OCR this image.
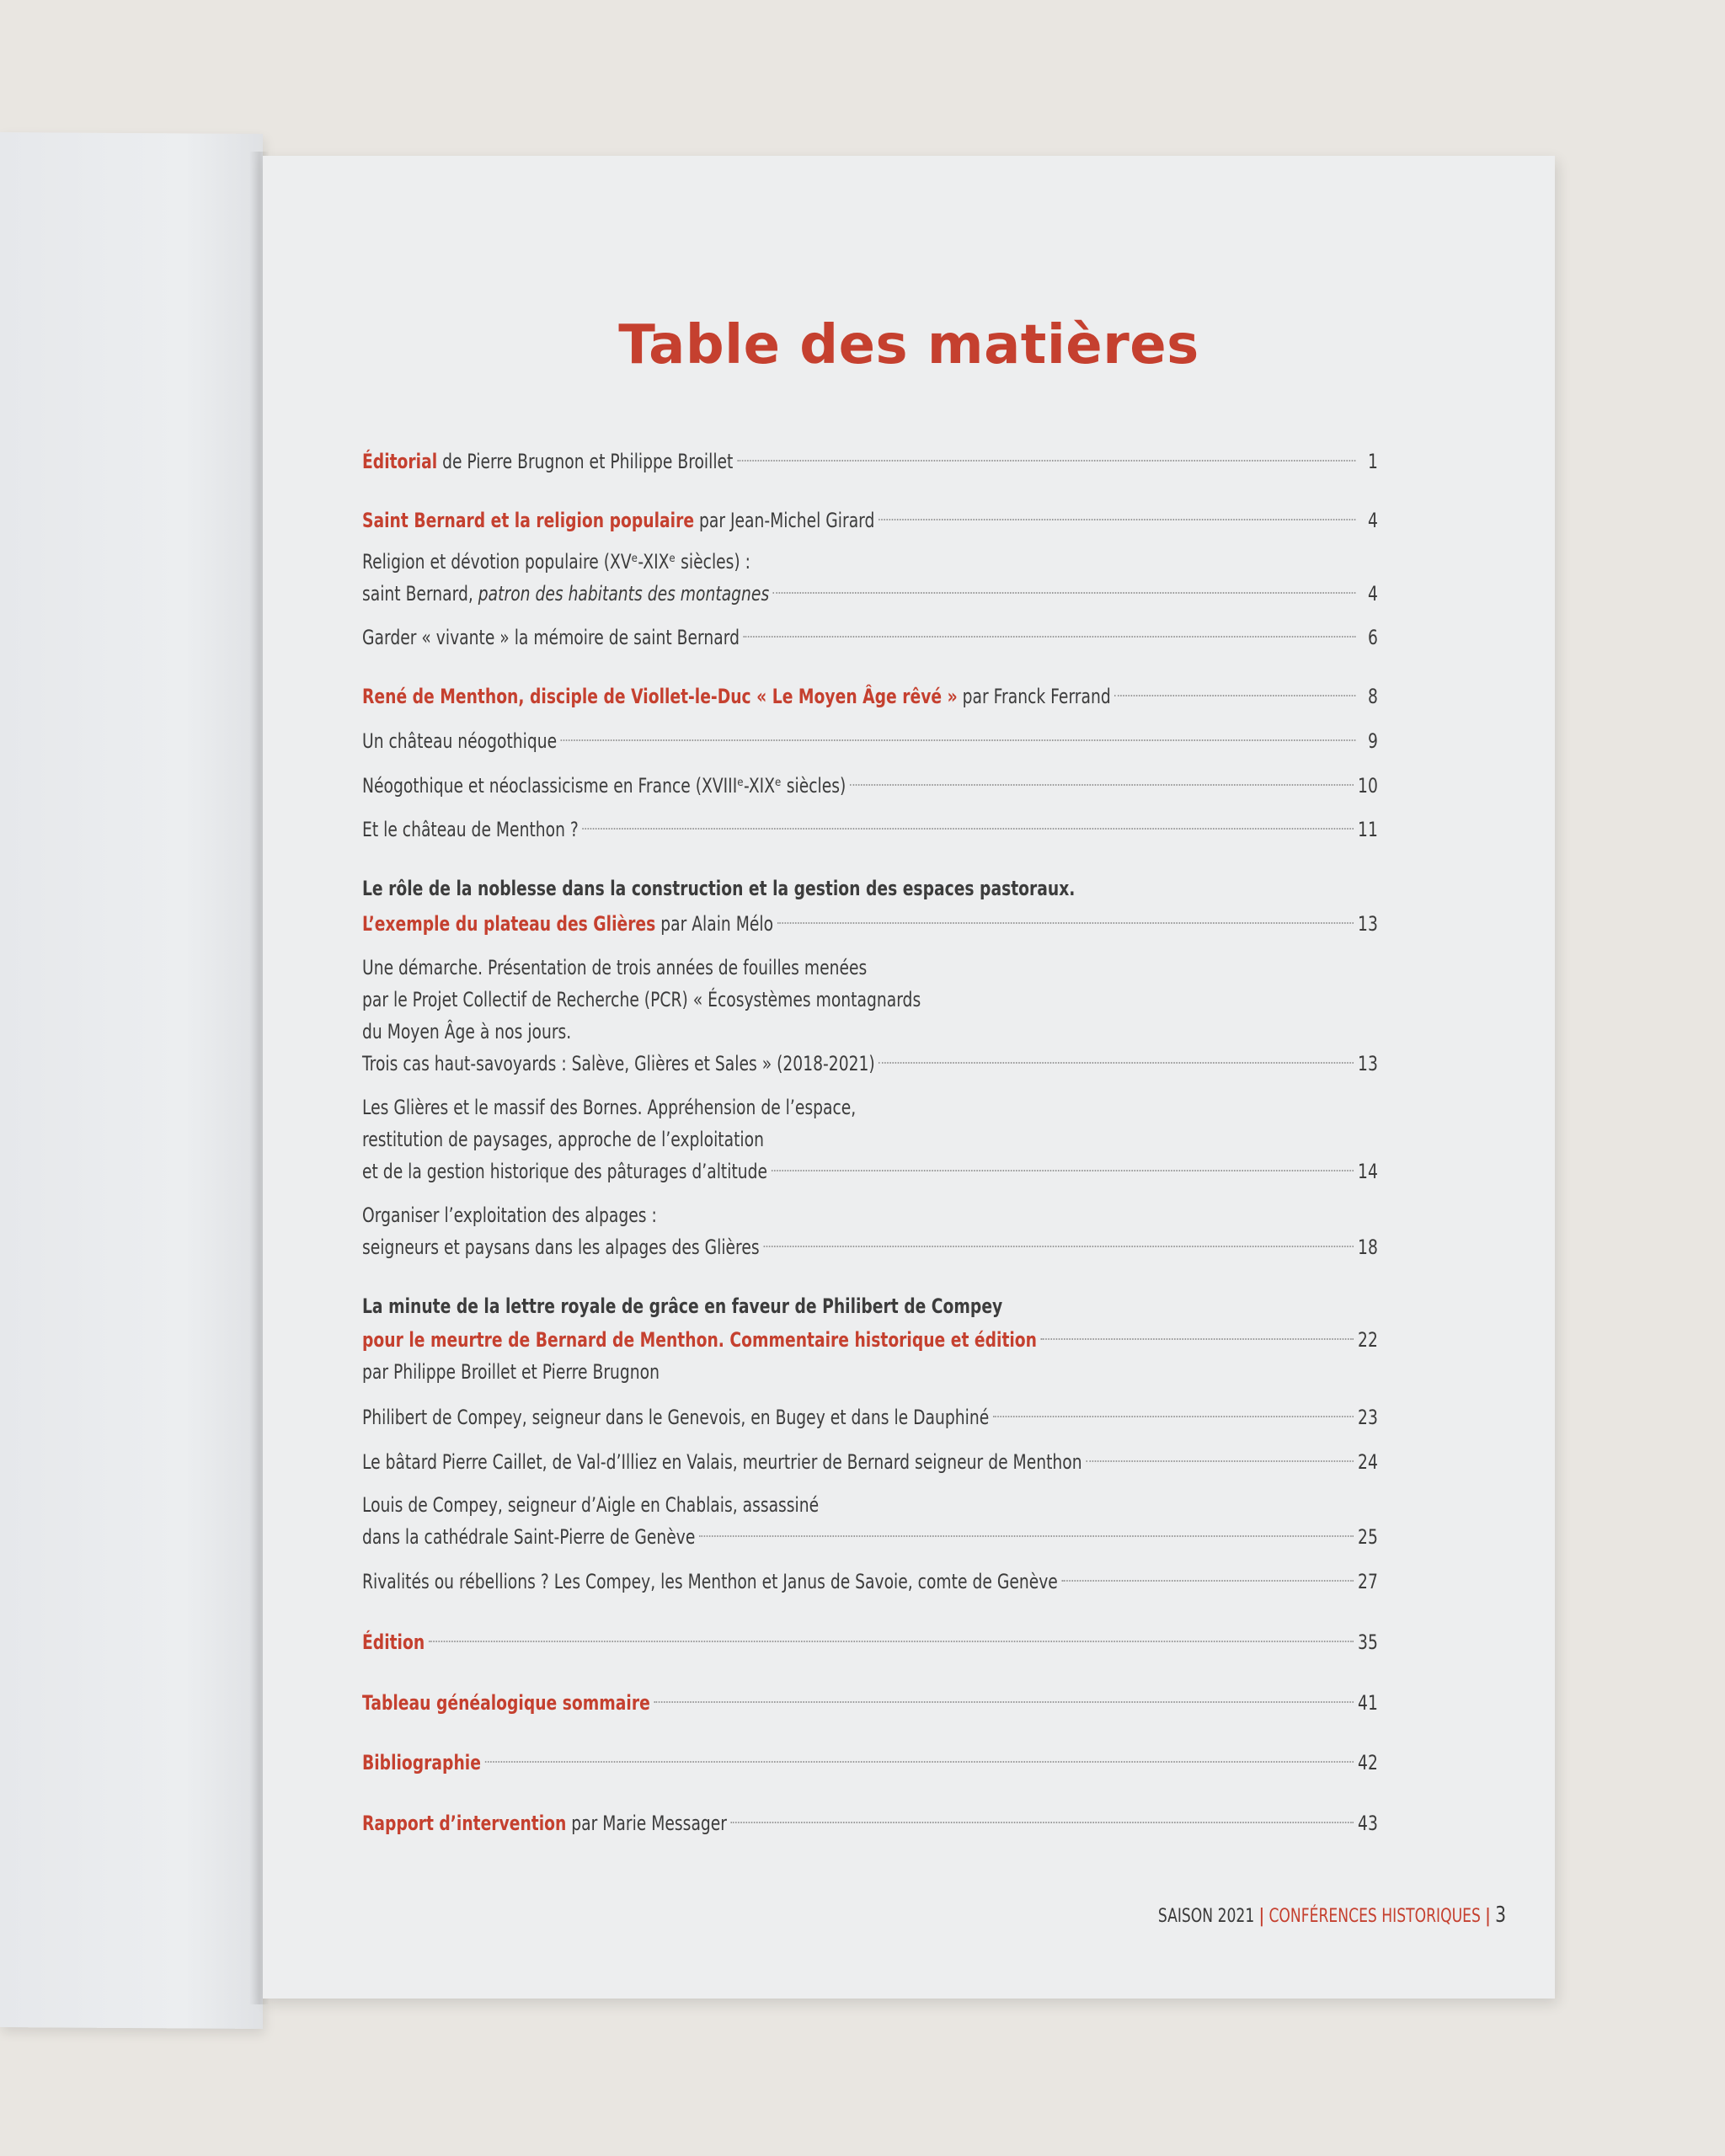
Table des matières
Éditorial de Pierre Brugnon et Philippe Broillet	1
Saint Bernard et la religion populaire par Jean-Michel Girard	4
Religion et dévotion populaire (XVᵉ-XIXᵉ siècles) :
saint Bernard, patron des habitants des montagnes	4
Garder « vivante » la mémoire de saint Bernard	6
René de Menthon, disciple de Viollet-le-Duc « Le Moyen Âge rêvé » par Franck Ferrand	8
Un château néogothique	9
Néogothique et néoclassicisme en France (XVIIIᵉ-XIXᵉ siècles)	10
Et le château de Menthon ?	11
Le rôle de la noblesse dans la construction et la gestion des espaces pastoraux.
L’exemple du plateau des Glières par Alain Mélo	13
Une démarche. Présentation de trois années de fouilles menées
par le Projet Collectif de Recherche (PCR) « Écosystèmes montagnards
du Moyen Âge à nos jours.
Trois cas haut-savoyards : Salève, Glières et Sales » (2018-2021)	13
Les Glières et le massif des Bornes. Appréhension de l’espace,
restitution de paysages, approche de l’exploitation
et de la gestion historique des pâturages d’altitude	14
Organiser l’exploitation des alpages :
seigneurs et paysans dans les alpages des Glières	18
La minute de la lettre royale de grâce en faveur de Philibert de Compey
pour le meurtre de Bernard de Menthon. Commentaire historique et édition	22
par Philippe Broillet et Pierre Brugnon
Philibert de Compey, seigneur dans le Genevois, en Bugey et dans le Dauphiné	23
Le bâtard Pierre Caillet, de Val-d’Illiez en Valais, meurtrier de Bernard seigneur de Menthon	24
Louis de Compey, seigneur d’Aigle en Chablais, assassiné
dans la cathédrale Saint-Pierre de Genève	25
Rivalités ou rébellions ? Les Compey, les Menthon et Janus de Savoie, comte de Genève	27
Édition	35
Tableau généalogique sommaire	41
Bibliographie	42
Rapport d’intervention par Marie Messager	43
SAISON 2021 | CONFÉRENCES HISTORIQUES | 3
